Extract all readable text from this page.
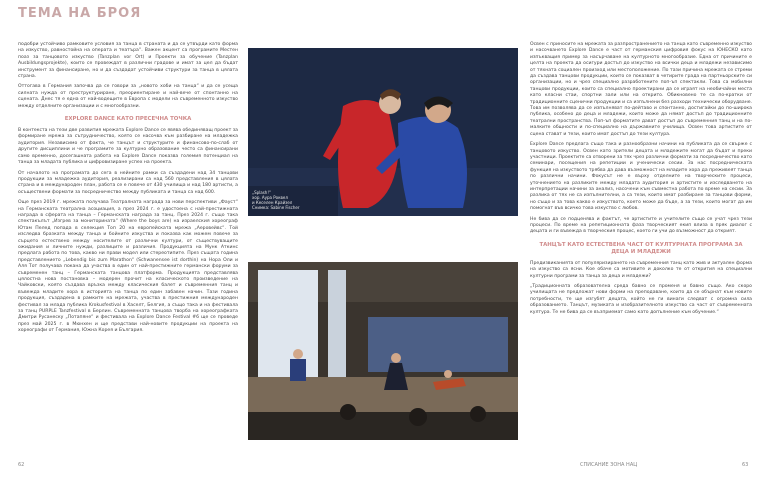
ТЕМА НА БРОЯ

подобри устойчиво рамковите условия за танца в страната и да се утвърди като форма на изкуство, равностойна на операта и театъра“. Важен акцент са програмите Местен поаз за танцовото изкуство (Tanzplan vor Ort) и Проекти за обучение (Tanzplan Ausbildungsprojekte), които се провеждат в различни градове и имат за цел да бъдат инструмент за финансиране, но и да създадат устойчиви структури за танца в цялата страна.

Оттогава в Германия започва да се говори за „новото хоби на танца“ и да се усеща силната нужда от преструктуриране, преориентиране и най-вече от спонтанно на сцената. Днес тя е една от най-водещите в Европа с модели на съвременното изкуство между отделните организации и с многообразни.

EXPLORE DANCE КАТО ПРЕСЕЧНА ТОЧКА

В контекста на тези две развития мрежата Explore Dance се явява обединяващ проект за формиране мрежа за сътрудничество, която се насочва към разбиране на младежка аудитория. Независимо от факта, че танцът и структурите и финансово-по-слаб от другите дисциплини и че програмите за културно образование често са финансирани само временно, досегашната работа на Explore Dance показва големия потенциал на танца за младата публика и цифровизиране успех на проекта.

От началото на програмата до сега в нейните рамки са създадени над 34 танцови продукции за младежка аудитория, реализирани са над 560 представления в цялата страна и в международен план, работа се е повече от 430 училища и над 180 артисти, а осъществени формати за посредничество между публиката и танца са над 600.

Още през 2019 г. мрежата получава Театралната награда за нови перспективи „Фауст“ на Германската театрална асоциация, а през 2024 г. е удостоена с най-престижната награда в сферата на танца – Германската награда за танц. През 2024 г. също така спектакълът „Изгрев за мониторината“ (Where the boys are) на израелския хореограф Ютам Пелед попада в селекция Топ 20 на европейската мрежа „Аеровейвс“. Той изследва бразката между танца и бойните изкуства и показва как можем повече за сърцето естествено между носителите от различни култури, от съществуващите ожидания и личните нужди, разлиците и различия. Продукцията на Мунк Аткинс предлага работа по това, какво ни прави модел или стереотипите. През същата година представлението „Lebendig bis zum Marathon“ (Schwanensee ist dorthin) на Нора Оли и Аля Тот получава покана да участва в един от най-престижните германски форуми за съвременен танц – Германската танцова платформа. Продукцията представлява цялостна нова постановка – модерен прочит на класическото произведение на Чайковски, която създава връзка между класическия балет и съвременния танц и въвежда младите хора в историята на танца по един забавен начин. Тази година продукция, създадена в рамките на мрежата, участва в престижния международен фестивал за млада публика Krokusfestival в Хаселт, Белгия, а също така и на фестивала за танц PURPLE Tanzfestival в Берлин. Съвременната танцова творба на хореографката Дмитри Русанеску „Потапяне“ и фестивала на Explore Dance Festival #6 ще се проведе през май 2025 г. в Мюнхен и ще представи най-новите продукции на проекта на хореографи от Германия, Южна Корея и България.

„Splash!“
хор. Аура Роквел
и Кеселен Крайзел
Снимка: Sabine Fischer

Освен с приносите на мрежата за разпространението на танца като съвременно изкуство и насочването Explore Dance е част от германския цифровия фокус на ЮНЕСКО като изпъкващия пример за насърчаване на културното многообразие. Една от причините е целта на проекта да осигури достъп до изкуство на всички деца и младежи независимо от тяхната социален произход или местоположение. По тази причина мрежата се стреми да създава танцови продукции, които се показват в четирите града на партньорските си организации, но и чрез специално разработените поп-ъп спектакли. Това са мобилни танцови продукции, които са специално проектирани да се играят на необичайни места като класни стаи, спортни зали или на открито. Обикновено те са по-кратки от традиционните сценични продукции и са изпълнени без разходи технически оборудване. Това им позволява да се изпълняват по-дейтаво и спонтанно, достигайки до по-широка публика, особено до деца и младежи, които може да нямат достъп до традиционните театрални пространства. Поп-ъп форматите дават достъп до съвременния танц и на по-малките общности и по-специално на държавните училища. Освен това артистите от сцена стават и тези, които имат достъп до тези култура.

Explore Dance предлага също така и разнообразни начини на публиката да се свърже с танцовото изкуство. Освен като зрители децата и младежите могат да бъдат и преки участници. Проектите са отворени за тях чрез различни формати за посредничество като семинари, посещения на репетиции и ученически сесии. За нас посредническата функция на изкуството трябва да дава възможност на младите хора да преживеят танца по различни начини. Фокусът не е върху отделните на творческите процеси, уточнението на разликите между младата аудитория и артистите и изследването на интерпретации начини за анализ, насочени към съвместна работа по време на сесии. За разлика от тях не са изпълнителни, а са тези, които имат разбиране за танцови форми, но също и за това какво е изкуството, което може да бъде, а за тези, които могат да им помогнат във всичко това изкуство с любов.

Не бива да се подценява и фактът, че артистите и учителите също се учат чрез тези процеси. По време на репетиционната фаза творческият екип влиза в пряк диалог с децата и ги въвежда в творческия процес, което ги учи до възможност да открият.

ТАНЦЪТ КАТО ЕСТЕСТВЕНА ЧАСТ ОТ КУЛТУРНАТА ПРОГРАМА ЗА ДЕЦА И МЛАДЕЖИ

Предизвиканията от популяризирането на съвременния танц като жив и актуален форма на изкуство са ясни. Кое обаче са мотивите и доколко те от открития на специални културни програми за танца за деца и младежи?

„Традиционната образователна среда бавно се променя и бавно също. Ако скоро училищата не предложат нови форми на преподаване, които да се обърнат към новите потребности, те ще изгубят децата, който не ги винаги следват с огромна сила образованието. Танцът, музиката и изобразителното изкуство са част от съвременната култура. Те не бива да се възприемат само като допълнение към обучение.“

62	СПИСАНИЕ ЗОНА НАЦ	63
